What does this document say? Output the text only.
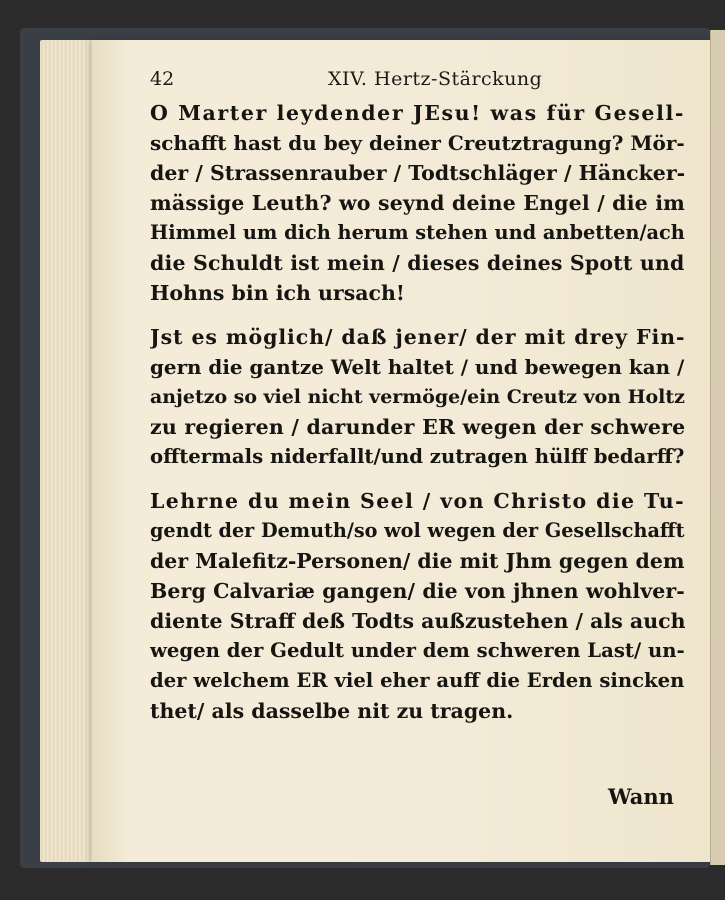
42	XIV. Hertz-Stärckung
O Marter leydender JEsu! was für Gesell-
schafft hast du bey deiner Creutztragung? Mör-
der / Strassenrauber / Todtschläger / Häncker-
mässige Leuth? wo seynd deine Engel / die im
Himmel um dich herum stehen und anbetten/ach
die Schuldt ist mein / dieses deines Spott und
Hohns bin ich ursach!
Jst es möglich/ daß jener/ der mit drey Fin-
gern die gantze Welt haltet / und bewegen kan /
anjetzo so viel nicht vermöge/ein Creutz von Holtz
zu regieren / darunder ER wegen der schwere
offtermals niderfallt/und zutragen hülff bedarff?
Lehrne du mein Seel / von Christo die Tu-
gendt der Demuth/so wol wegen der Gesellschafft
der Malefitz-Personen/ die mit Jhm gegen dem
Berg Calvariæ gangen/ die von jhnen wohlver-
diente Straff deß Todts außzustehen / als auch
wegen der Gedult under dem schweren Last/ un-
der welchem ER viel eher auff die Erden sincken
thet/ als dasselbe nit zu tragen.
Wann
